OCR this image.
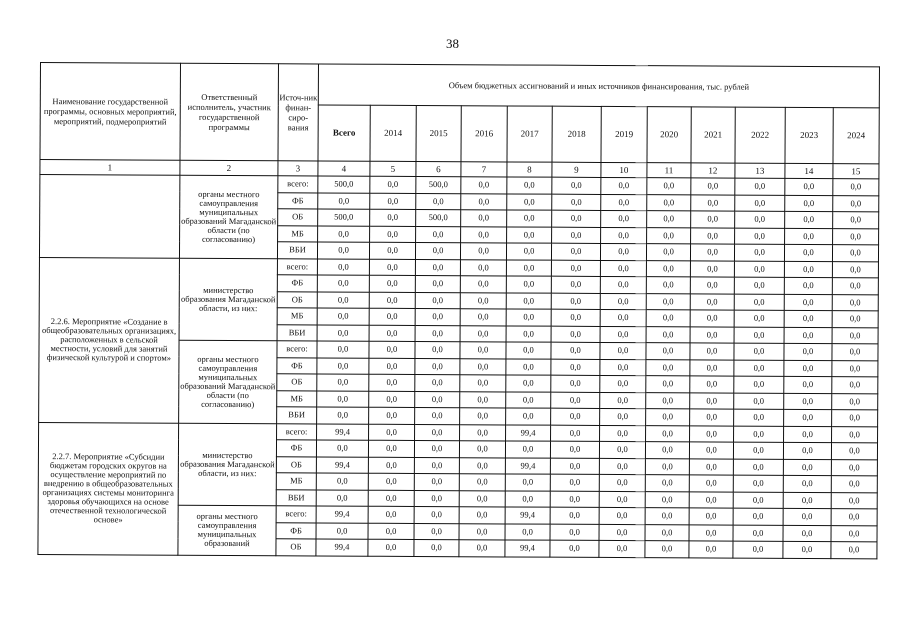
38
Наименование государственной программы, основных мероприятий, мероприятий, подмероприятий	Ответственный исполнитель, участник государственной программы	Источ-ник финан-сиро-вания	Объем бюджетных ассигнований и иных источников финансирования, тыс. рублей											
			Всего	2014	2015	2016	2017	2018	2019	2020	2021	2022	2023	2024
1	2	3	4	5	6	7	8	9	10	11	12	13	14	15
	органы местного самоуправления муниципальных образований Магаданской области (по согласованию)	всего:	500,0	0,0	500,0	0,0	0,0	0,0	0,0	0,0	0,0	0,0	0,0	0,0
		ФБ	0,0	0,0	0,0	0,0	0,0	0,0	0,0	0,0	0,0	0,0	0,0	0,0
		ОБ	500,0	0,0	500,0	0,0	0,0	0,0	0,0	0,0	0,0	0,0	0,0	0,0
		МБ	0,0	0,0	0,0	0,0	0,0	0,0	0,0	0,0	0,0	0,0	0,0	0,0
		ВБИ	0,0	0,0	0,0	0,0	0,0	0,0	0,0	0,0	0,0	0,0	0,0	0,0
2.2.6. Мероприятие «Создание в общеобразовательных организациях, расположенных в сельской местности, условий для занятий физической культурой и спортом»	министерство образования Магаданской области, из них:	всего:	0,0	0,0	0,0	0,0	0,0	0,0	0,0	0,0	0,0	0,0	0,0	0,0
		ФБ	0,0	0,0	0,0	0,0	0,0	0,0	0,0	0,0	0,0	0,0	0,0	0,0
		ОБ	0,0	0,0	0,0	0,0	0,0	0,0	0,0	0,0	0,0	0,0	0,0	0,0
		МБ	0,0	0,0	0,0	0,0	0,0	0,0	0,0	0,0	0,0	0,0	0,0	0,0
		ВБИ	0,0	0,0	0,0	0,0	0,0	0,0	0,0	0,0	0,0	0,0	0,0	0,0
	органы местного самоуправления муниципальных образований Магаданской области (по согласованию)	всего:	0,0	0,0	0,0	0,0	0,0	0,0	0,0	0,0	0,0	0,0	0,0	0,0
		ФБ	0,0	0,0	0,0	0,0	0,0	0,0	0,0	0,0	0,0	0,0	0,0	0,0
		ОБ	0,0	0,0	0,0	0,0	0,0	0,0	0,0	0,0	0,0	0,0	0,0	0,0
		МБ	0,0	0,0	0,0	0,0	0,0	0,0	0,0	0,0	0,0	0,0	0,0	0,0
		ВБИ	0,0	0,0	0,0	0,0	0,0	0,0	0,0	0,0	0,0	0,0	0,0	0,0
2.2.7. Мероприятие «Субсидии бюджетам городских округов на осуществление мероприятий по внедрению в общеобразовательных организациях системы мониторинга здоровья обучающихся на основе отечественной технологической основе»	министерство образования Магаданской области, из них:	всего:	99,4	0,0	0,0	0,0	99,4	0,0	0,0	0,0	0,0	0,0	0,0	0,0
		ФБ	0,0	0,0	0,0	0,0	0,0	0,0	0,0	0,0	0,0	0,0	0,0	0,0
		ОБ	99,4	0,0	0,0	0,0	99,4	0,0	0,0	0,0	0,0	0,0	0,0	0,0
		МБ	0,0	0,0	0,0	0,0	0,0	0,0	0,0	0,0	0,0	0,0	0,0	0,0
		ВБИ	0,0	0,0	0,0	0,0	0,0	0,0	0,0	0,0	0,0	0,0	0,0	0,0
	органы местного самоуправления муниципальных образований	всего:	99,4	0,0	0,0	0,0	99,4	0,0	0,0	0,0	0,0	0,0	0,0	0,0
		ФБ	0,0	0,0	0,0	0,0	0,0	0,0	0,0	0,0	0,0	0,0	0,0	0,0
		ОБ	99,4	0,0	0,0	0,0	99,4	0,0	0,0	0,0	0,0	0,0	0,0	0,0
